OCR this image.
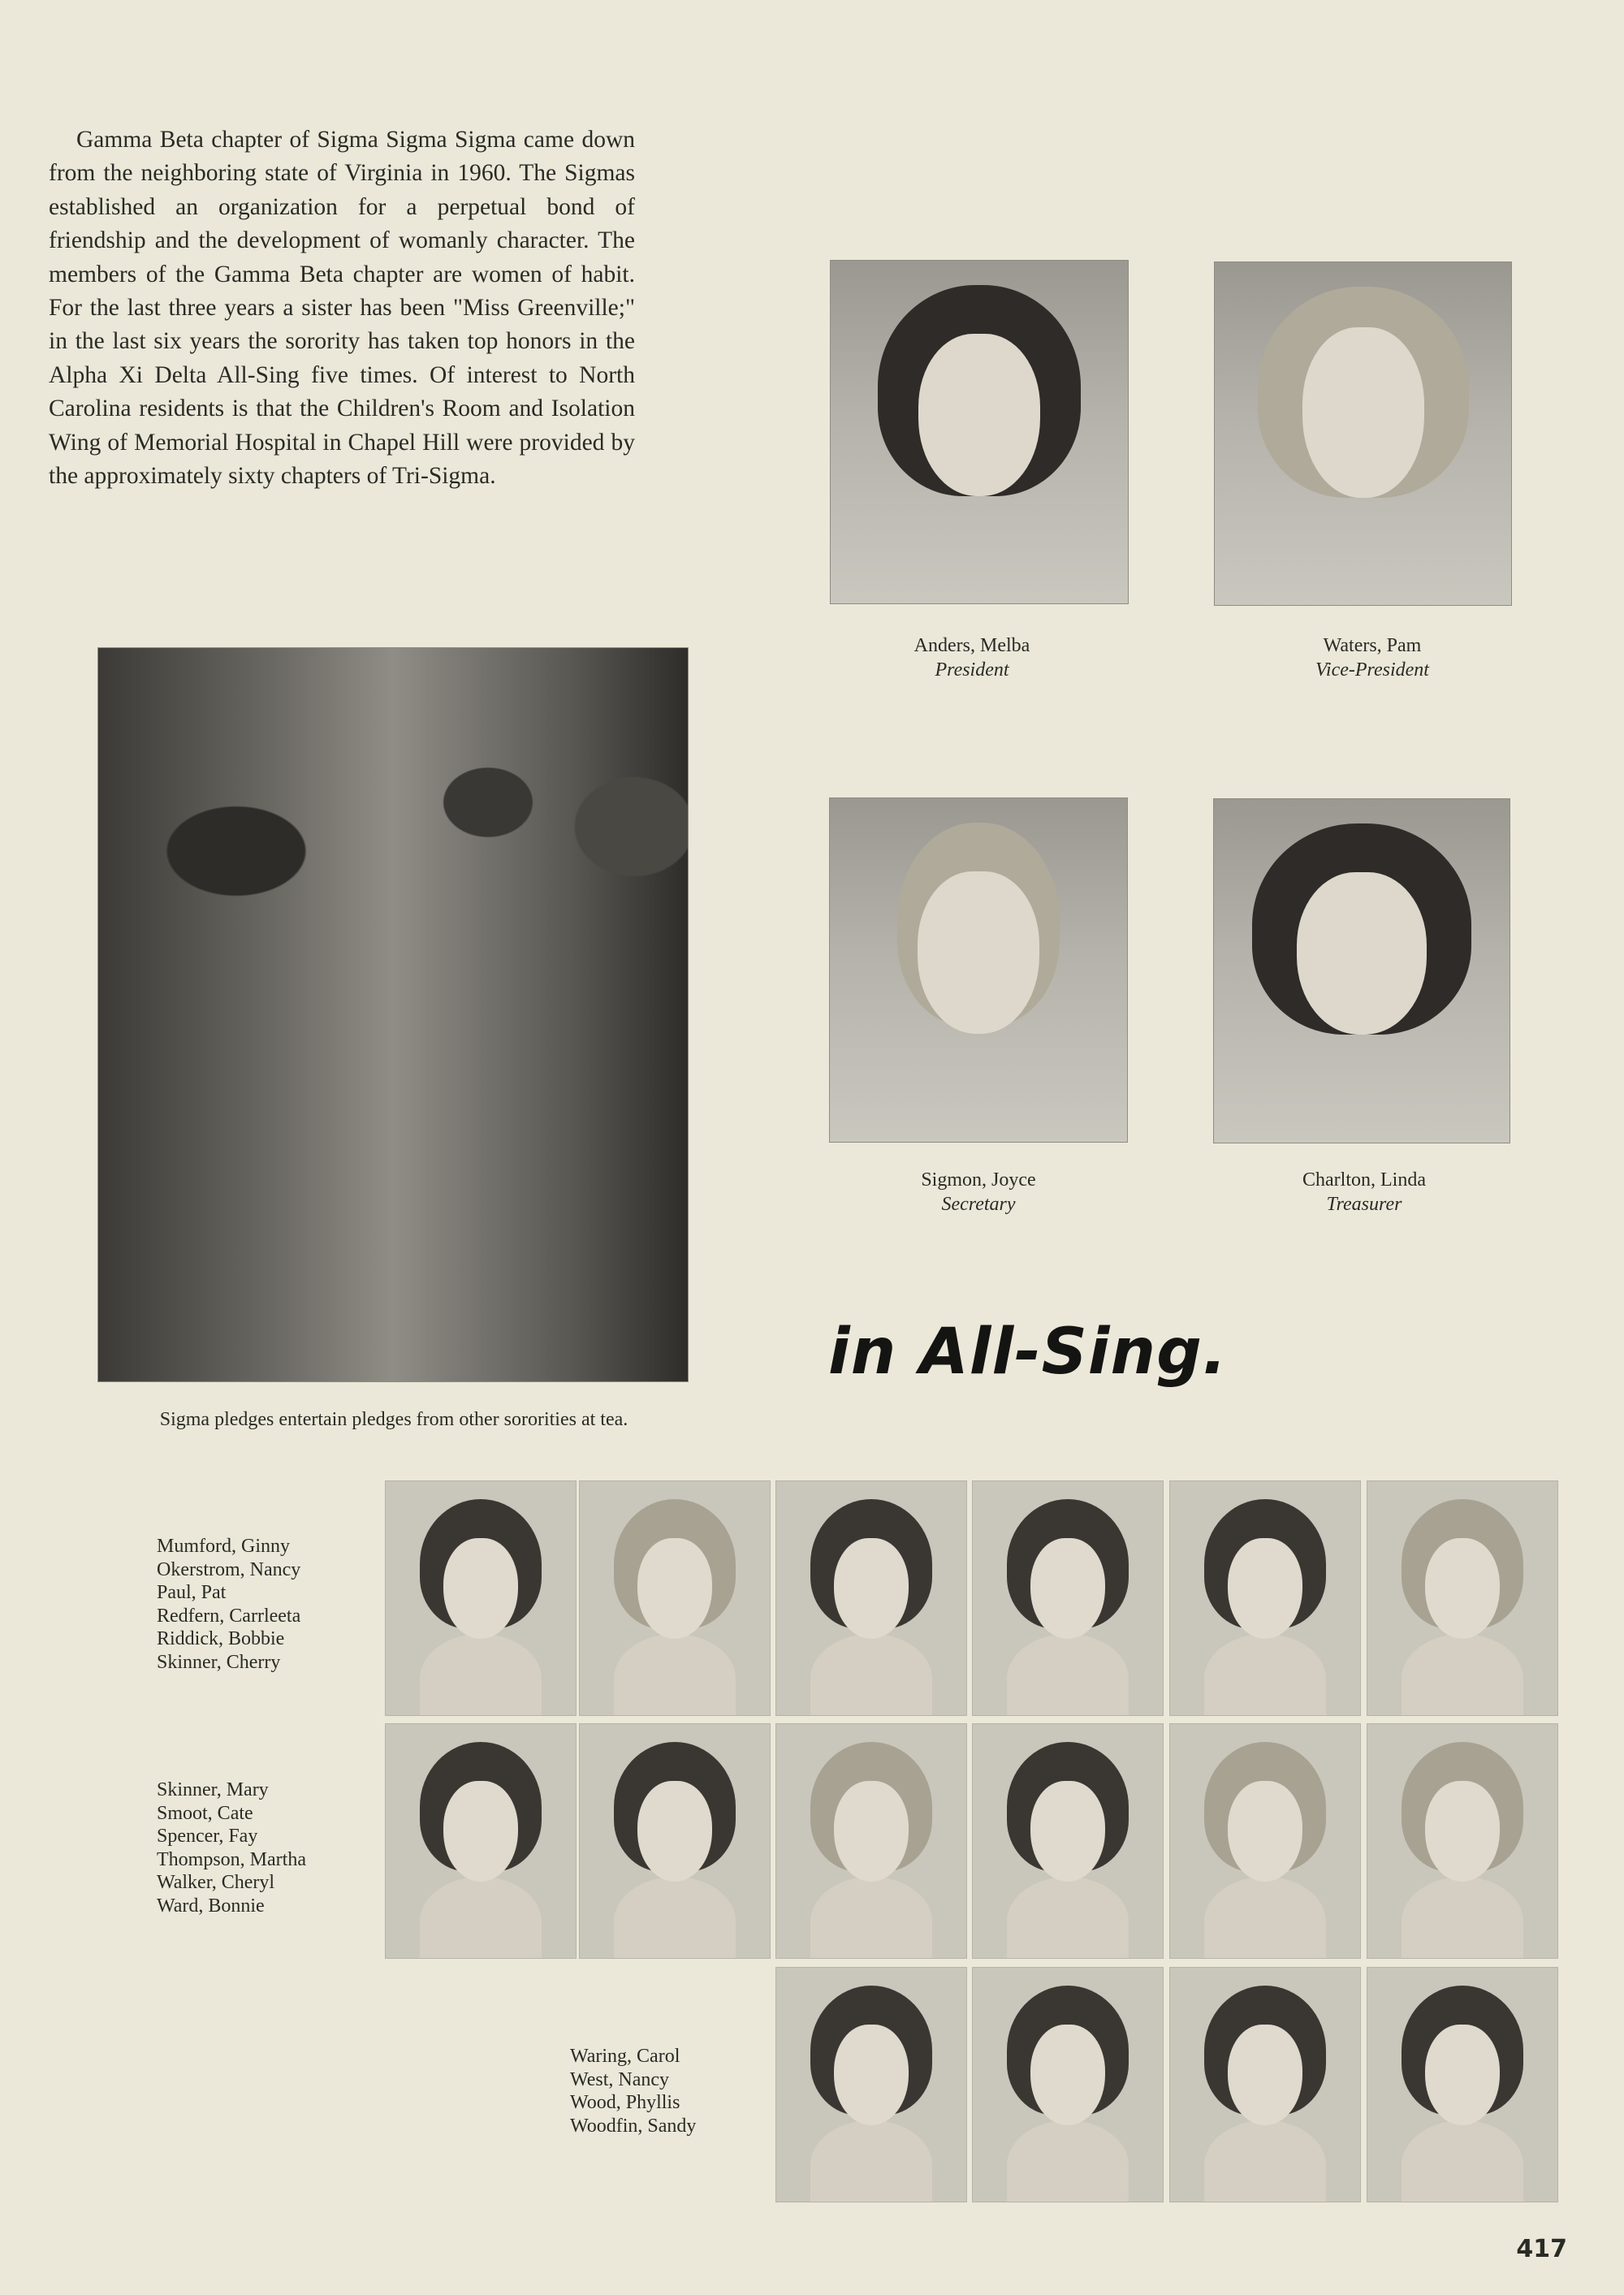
Gamma Beta chapter of Sigma Sigma Sigma came down from the neighboring state of Virginia in 1960. The Sigmas established an organization for a perpetual bond of friendship and the development of womanly character. The members of the Gamma Beta chapter are women of habit. For the last three years a sister has been "Miss Greenville;" in the last six years the sorority has taken top honors in the Alpha Xi Delta All-Sing five times. Of interest to North Carolina residents is that the Children's Room and Isolation Wing of Memorial Hospital in Chapel Hill were provided by the approximately sixty chapters of Tri-Sigma.

Anders, Melba
President
Waters, Pam
Vice-President
Sigmon, Joyce
Secretary
Charlton, Linda
Treasurer
Sigma pledges entertain pledges from other sororities at tea.
in All-Sing.
Mumford, Ginny
Okerstrom, Nancy
Paul, Pat
Redfern, Carrleeta
Riddick, Bobbie
Skinner, Cherry
Skinner, Mary
Smoot, Cate
Spencer, Fay
Thompson, Martha
Walker, Cheryl
Ward, Bonnie
Waring, Carol
West, Nancy
Wood, Phyllis
Woodfin, Sandy
417
